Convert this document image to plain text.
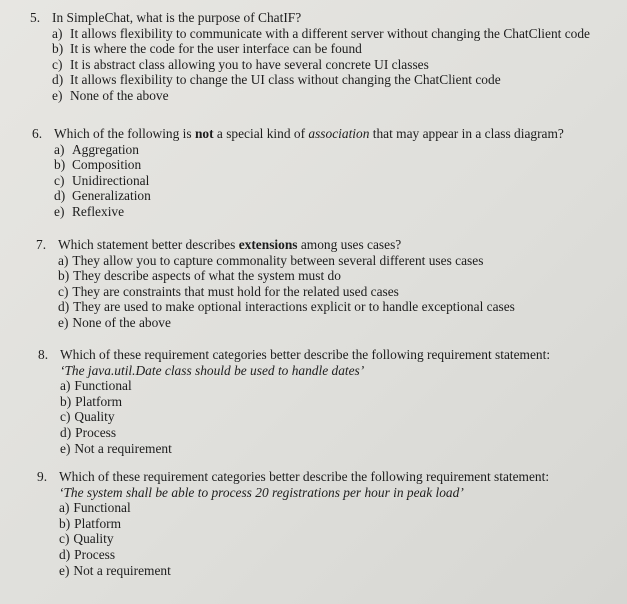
5. In SimpleChat, what is the purpose of ChatIF?
a) It allows flexibility to communicate with a different server without changing the ChatClient code
b) It is where the code for the user interface can be found
c) It is abstract class allowing you to have several concrete UI classes
d) It allows flexibility to change the UI class without changing the ChatClient code
e) None of the above
6. Which of the following is not a special kind of association that may appear in a class diagram?
a) Aggregation
b) Composition
c) Unidirectional
d) Generalization
e) Reflexive
7. Which statement better describes extensions among uses cases?
a) They allow you to capture commonality between several different uses cases
b) They describe aspects of what the system must do
c) They are constraints that must hold for the related used cases
d) They are used to make optional interactions explicit or to handle exceptional cases
e) None of the above
8. Which of these requirement categories better describe the following requirement statement:
‘The java.util.Date class should be used to handle dates’
a) Functional
b) Platform
c) Quality
d) Process
e) Not a requirement
9. Which of these requirement categories better describe the following requirement statement:
‘The system shall be able to process 20 registrations per hour in peak load’
a) Functional
b) Platform
c) Quality
d) Process
e) Not a requirement
